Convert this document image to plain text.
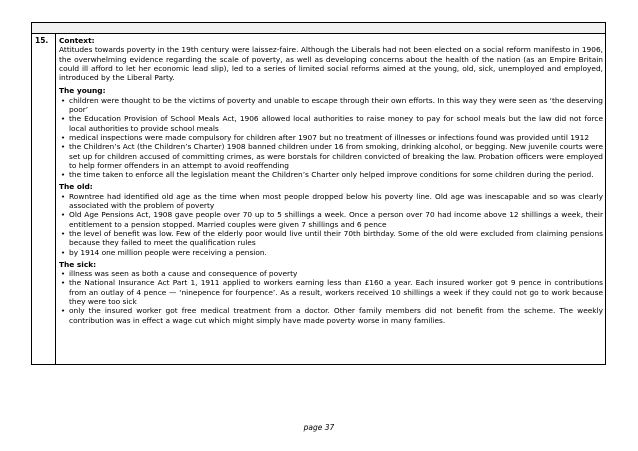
15. Context:

Attitudes towards poverty in the 19th century were laissez-faire. Although the Liberals had not been elected on a social reform manifesto in 1906, the overwhelming evidence regarding the scale of poverty, as well as developing concerns about the health of the nation (as an Empire Britain could ill afford to let her economic lead slip), led to a series of limited social reforms aimed at the young, old, sick, unemployed and employed, introduced by the Liberal Party.

The young:

• children were thought to be the victims of poverty and unable to escape through their own efforts. In this way they were seen as ‘the deserving poor’
• the Education Provision of School Meals Act, 1906 allowed local authorities to raise money to pay for school meals but the law did not force local authorities to provide school meals
• medical inspections were made compulsory for children after 1907 but no treatment of illnesses or infections found was provided until 1912
• the Children’s Act (the Children’s Charter) 1908 banned children under 16 from smoking, drinking alcohol, or begging. New juvenile courts were set up for children accused of committing crimes, as were borstals for children convicted of breaking the law. Probation officers were employed to help former offenders in an attempt to avoid reoffending
• the time taken to enforce all the legislation meant the Children’s Charter only helped improve conditions for some children during the period.

The old:

• Rowntree had identified old age as the time when most people dropped below his poverty line. Old age was inescapable and so was clearly associated with the problem of poverty
• Old Age Pensions Act, 1908 gave people over 70 up to 5 shillings a week. Once a person over 70 had income above 12 shillings a week, their entitlement to a pension stopped. Married couples were given 7 shillings and 6 pence
• the level of benefit was low. Few of the elderly poor would live until their 70th birthday. Some of the old were excluded from claiming pensions because they failed to meet the qualification rules
• by 1914 one million people were receiving a pension.

The sick:

• illness was seen as both a cause and consequence of poverty
• the National Insurance Act Part 1, 1911 applied to workers earning less than £160 a year. Each insured worker got 9 pence in contributions from an outlay of 4 pence — ‘ninepence for fourpence’. As a result, workers received 10 shillings a week if they could not go to work because they were too sick
• only the insured worker got free medical treatment from a doctor. Other family members did not benefit from the scheme. The weekly contribution was in effect a wage cut which might simply have made poverty worse in many families.
page 37
